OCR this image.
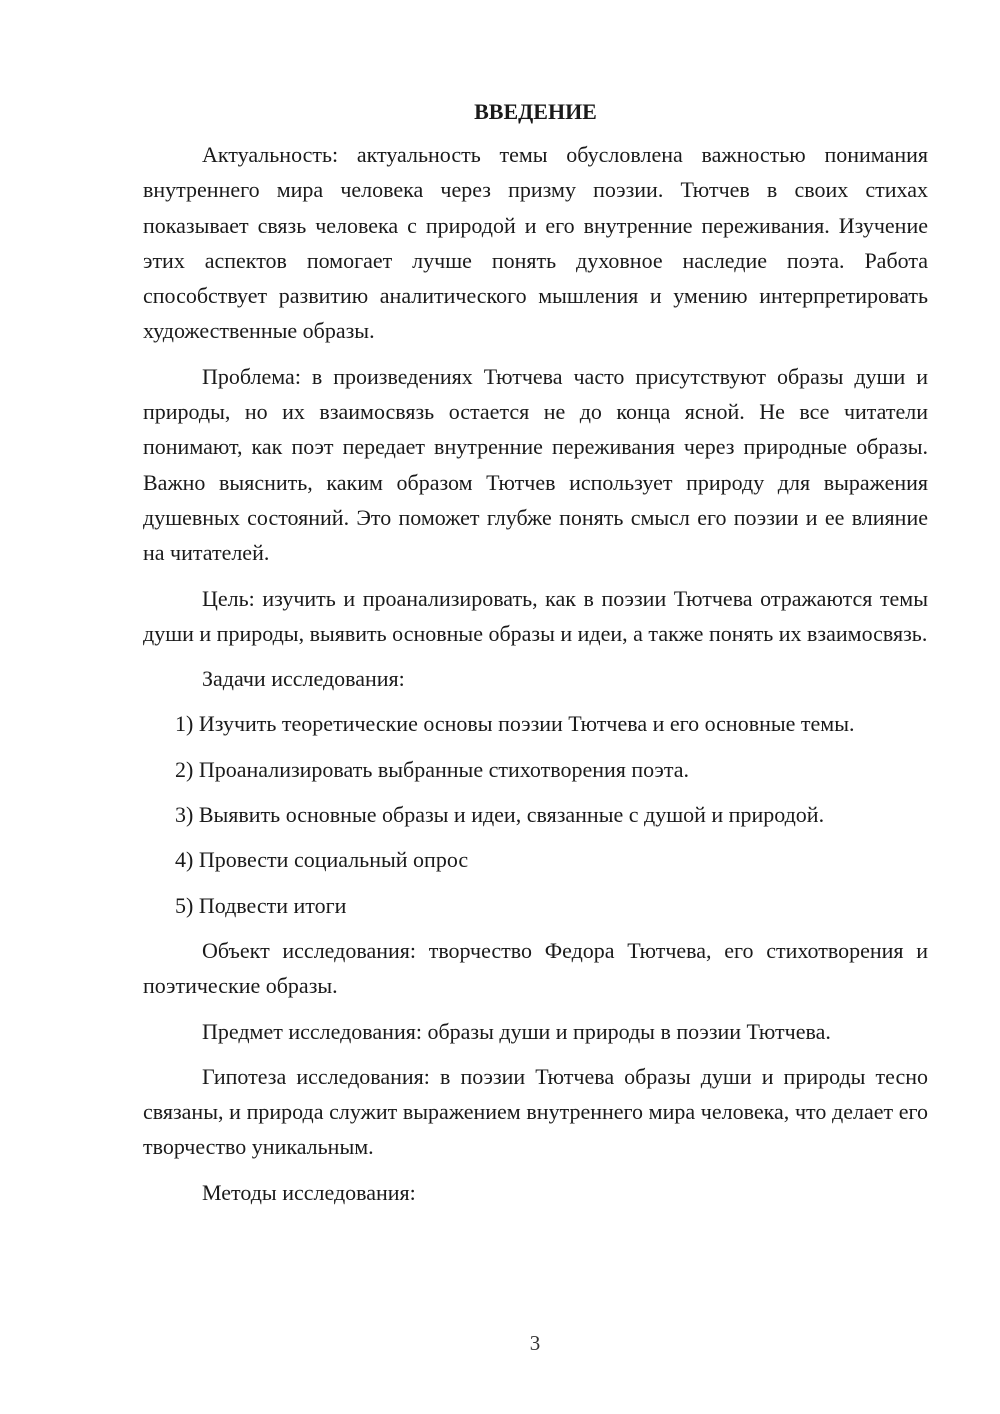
ВВЕДЕНИЕ

Актуальность: актуальность темы обусловлена важностью понимания внутреннего мира человека через призму поэзии. Тютчев в своих стихах показывает связь человека с природой и его внутренние переживания. Изучение этих аспектов помогает лучше понять духовное наследие поэта. Работа способствует развитию аналитического мышления и умению интерпретировать художественные образы.

Проблема: в произведениях Тютчева часто присутствуют образы души и природы, но их взаимосвязь остается не до конца ясной. Не все читатели понимают, как поэт передает внутренние переживания через природные образы. Важно выяснить, каким образом Тютчев использует природу для выражения душевных состояний. Это поможет глубже понять смысл его поэзии и ее влияние на читателей.

Цель: изучить и проанализировать, как в поэзии Тютчева отражаются темы души и природы, выявить основные образы и идеи, а также понять их взаимосвязь.

Задачи исследования:

1) Изучить теоретические основы поэзии Тютчева и его основные темы.

2) Проанализировать выбранные стихотворения поэта.

3) Выявить основные образы и идеи, связанные с душой и природой.

4) Провести социальный опрос

5) Подвести итоги

Объект исследования: творчество Федора Тютчева, его стихотворения и поэтические образы.

Предмет исследования: образы души и природы в поэзии Тютчева.

Гипотеза исследования: в поэзии Тютчева образы души и природы тесно связаны, и природа служит выражением внутреннего мира человека, что делает его творчество уникальным.

Методы исследования:

3
